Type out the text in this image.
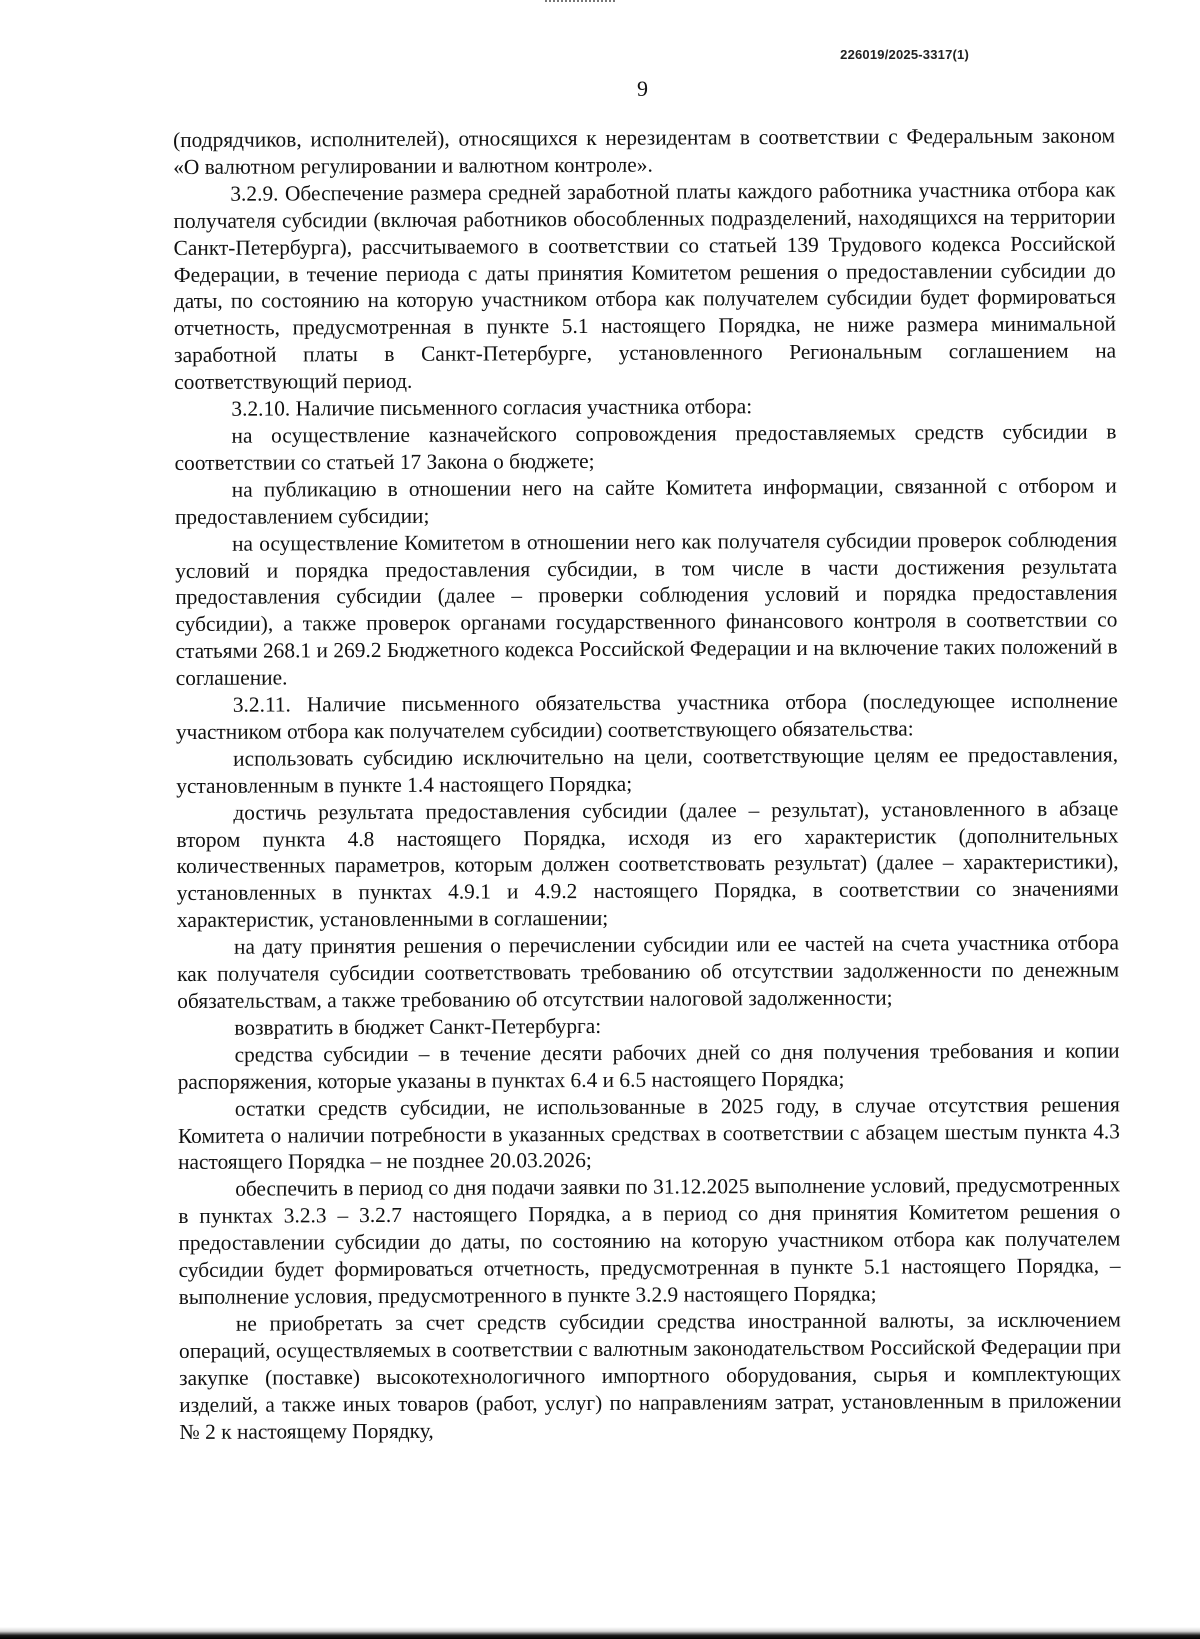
226019/2025-3317(1)
9

(подрядчиков, исполнителей), относящихся к нерезидентам в соответствии с Федеральным законом «О валютном регулировании и валютном контроле».

3.2.9. Обеспечение размера средней заработной платы каждого работника участника отбора как получателя субсидии (включая работников обособленных подразделений, находящихся на территории Санкт-Петербурга), рассчитываемого в соответствии со статьей 139 Трудового кодекса Российской Федерации, в течение периода с даты принятия Комитетом решения о предоставлении субсидии до даты, по состоянию на которую участником отбора как получателем субсидии будет формироваться отчетность, предусмотренная в пункте 5.1 настоящего Порядка, не ниже размера минимальной заработной платы в Санкт-Петербурге, установленного Региональным соглашением на соответствующий период.

3.2.10. Наличие письменного согласия участника отбора:

на осуществление казначейского сопровождения предоставляемых средств субсидии в соответствии со статьей 17 Закона о бюджете;

на публикацию в отношении него на сайте Комитета информации, связанной с отбором и предоставлением субсидии;

на осуществление Комитетом в отношении него как получателя субсидии проверок соблюдения условий и порядка предоставления субсидии, в том числе в части достижения результата предоставления субсидии (далее – проверки соблюдения условий и порядка предоставления субсидии), а также проверок органами государственного финансового контроля в соответствии со статьями 268.1 и 269.2 Бюджетного кодекса Российской Федерации и на включение таких положений в соглашение.

3.2.11. Наличие письменного обязательства участника отбора (последующее исполнение участником отбора как получателем субсидии) соответствующего обязательства:

использовать субсидию исключительно на цели, соответствующие целям ее предоставления, установленным в пункте 1.4 настоящего Порядка;

достичь результата предоставления субсидии (далее – результат), установленного в абзаце втором пункта 4.8 настоящего Порядка, исходя из его характеристик (дополнительных количественных параметров, которым должен соответствовать результат) (далее – характеристики), установленных в пунктах 4.9.1 и 4.9.2 настоящего Порядка, в соответствии со значениями характеристик, установленными в соглашении;

на дату принятия решения о перечислении субсидии или ее частей на счета участника отбора как получателя субсидии соответствовать требованию об отсутствии задолженности по денежным обязательствам, а также требованию об отсутствии налоговой задолженности;

возвратить в бюджет Санкт-Петербурга:

средства субсидии – в течение десяти рабочих дней со дня получения требования и копии распоряжения, которые указаны в пунктах 6.4 и 6.5 настоящего Порядка;

остатки средств субсидии, не использованные в 2025 году, в случае отсутствия решения Комитета о наличии потребности в указанных средствах в соответствии с абзацем шестым пункта 4.3 настоящего Порядка – не позднее 20.03.2026;

обеспечить в период со дня подачи заявки по 31.12.2025 выполнение условий, предусмотренных в пунктах 3.2.3 – 3.2.7 настоящего Порядка, а в период со дня принятия Комитетом решения о предоставлении субсидии до даты, по состоянию на которую участником отбора как получателем субсидии будет формироваться отчетность, предусмотренная в пункте 5.1 настоящего Порядка, – выполнение условия, предусмотренного в пункте 3.2.9 настоящего Порядка;

не приобретать за счет средств субсидии средства иностранной валюты, за исключением операций, осуществляемых в соответствии с валютным законодательством Российской Федерации при закупке (поставке) высокотехнологичного импортного оборудования, сырья и комплектующих изделий, а также иных товаров (работ, услуг) по направлениям затрат, установленным в приложении № 2 к настоящему Порядку,
